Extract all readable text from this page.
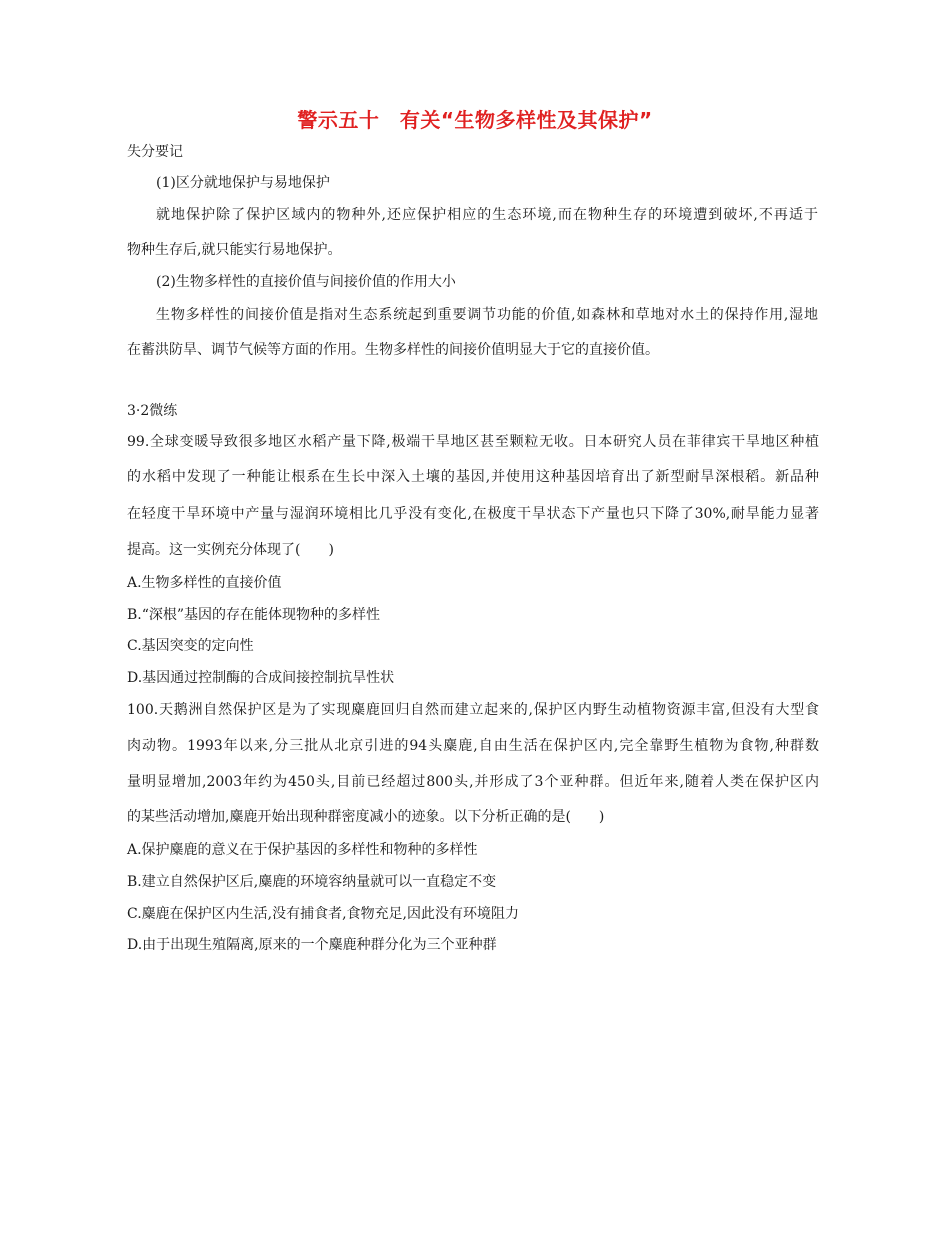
警示五十　有关“生物多样性及其保护”
失分要记
(1)区分就地保护与易地保护
就地保护除了保护区域内的物种外,还应保护相应的生态环境,而在物种生存的环境遭到破坏,不再适于
物种生存后,就只能实行易地保护。
(2)生物多样性的直接价值与间接价值的作用大小
生物多样性的间接价值是指对生态系统起到重要调节功能的价值,如森林和草地对水土的保持作用,湿地
在蓄洪防旱、调节气候等方面的作用。生物多样性的间接价值明显大于它的直接价值。
3·2微练
99.全球变暖导致很多地区水稻产量下降,极端干旱地区甚至颗粒无收。日本研究人员在菲律宾干旱地区种植
的水稻中发现了一种能让根系在生长中深入土壤的基因,并使用这种基因培育出了新型耐旱深根稻。新品种
在轻度干旱环境中产量与湿润环境相比几乎没有变化,在极度干旱状态下产量也只下降了30%,耐旱能力显著
提高。这一实例充分体现了(　　)
A.生物多样性的直接价值
B.“深根”基因的存在能体现物种的多样性
C.基因突变的定向性
D.基因通过控制酶的合成间接控制抗旱性状
100.天鹅洲自然保护区是为了实现麋鹿回归自然而建立起来的,保护区内野生动植物资源丰富,但没有大型食
肉动物。1993年以来,分三批从北京引进的94头麋鹿,自由生活在保护区内,完全靠野生植物为食物,种群数
量明显增加,2003年约为450头,目前已经超过800头,并形成了3个亚种群。但近年来,随着人类在保护区内
的某些活动增加,麋鹿开始出现种群密度减小的迹象。以下分析正确的是(　　)
A.保护麋鹿的意义在于保护基因的多样性和物种的多样性
B.建立自然保护区后,麋鹿的环境容纳量就可以一直稳定不变
C.麋鹿在保护区内生活,没有捕食者,食物充足,因此没有环境阻力
D.由于出现生殖隔离,原来的一个麋鹿种群分化为三个亚种群
